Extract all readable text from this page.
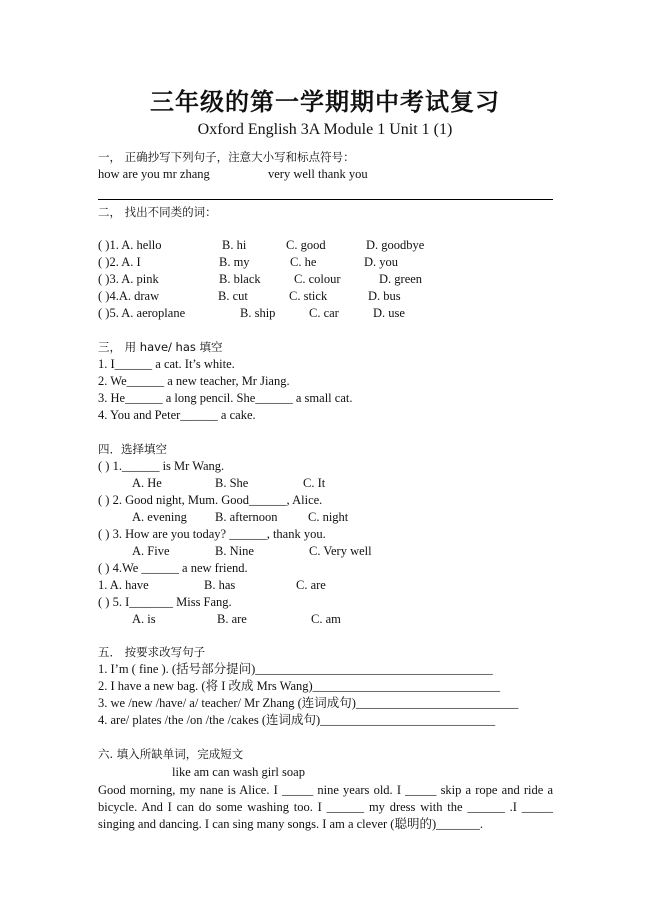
三年级的第一学期期中考试复习
Oxford English 3A Module 1 Unit 1 (1)
一， 正确抄写下列句子，注意大小写和标点符号：
how are you mr zhang	very well thank you
二， 找出不同类的词：
( )1. A. hello	B. hi	C. good	D. goodbye
( )2. A. I	B. my	C. he	D. you
( )3. A. pink	B. black	C. colour	D. green
( )4.A. draw	B. cut	C. stick	D. bus
( )5. A. aeroplane	B. ship	C. car	D. use
三， 用 have/ has 填空
1. I______ a cat. It’s white.
2. We______ a new teacher, Mr Jiang.
3. He______ a long pencil. She______ a small cat.
4. You and Peter______ a cake.
四．选择填空
( ) 1.______ is Mr Wang.
A. He	B. She	C. It
( ) 2. Good night, Mum. Good______, Alice.
A. evening B. afternoon C. night
( ) 3. How are you today? ______, thank you.
A. Five	B. Nine	C. Very well
( ) 4.We ______ a new friend.
1. A. have	B. has	C. are
( ) 5. I_______ Miss Fang.
A. is	B. are	C. am
五． 按要求改写句子
1. I’m ( fine ). (括号部分提问)______________________________________
2. I have a new bag. (将 I 改成 Mrs Wang)______________________________
3. we /new /have/ a/ teacher/ Mr Zhang (连词成句)__________________________
4. are/ plates /the /on /the /cakes (连词成句)____________________________
六. 填入所缺单词，完成短文
like am can wash girl soap
Good morning, my nane is Alice. I _____ nine years old. I _____ skip a rope and ride a bicycle. And I can do some washing too. I ______ my dress with the ______ .I _____ singing and dancing. I can sing many songs. I am a clever (聪明的)_______.
